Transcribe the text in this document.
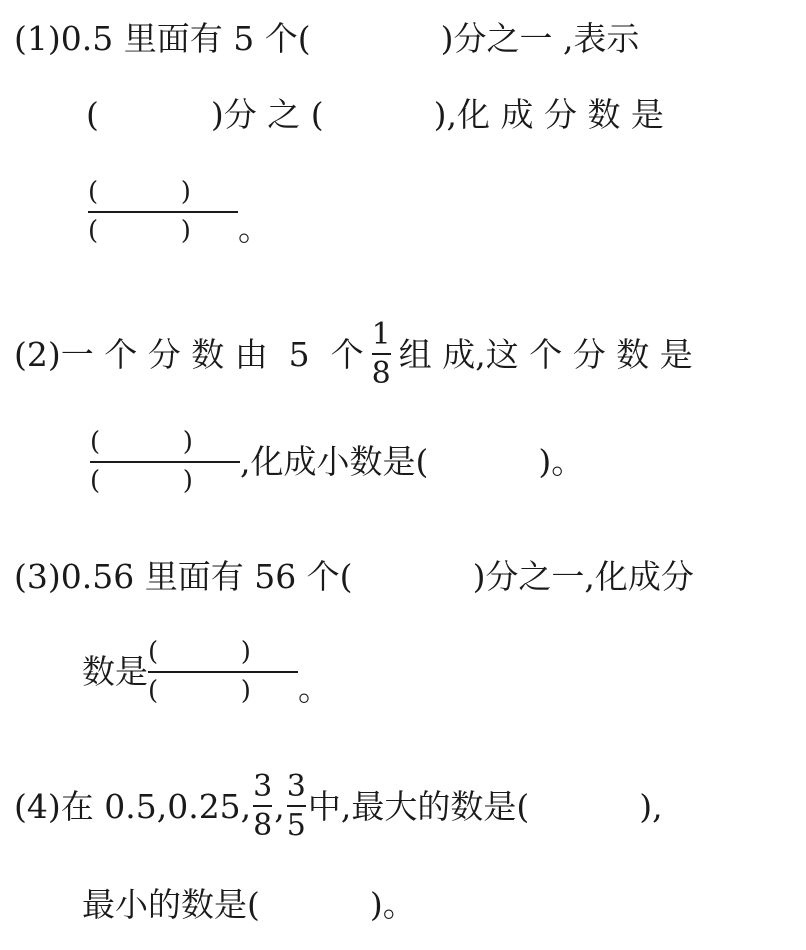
(1)0.5 里面有 5 个(	)分之一 ,表示
(	)分 之 (	),化 成 分 数 是
(          )
(          )	。
(2)一 个 分 数 由  5  个 $\frac{1}{8}$ 组 成,这 个 分 数 是
(          )
(          )	,化成小数是(	)。
(3)0.56 里面有 56 个(	)分之一,化成分
数是
(          )
(          )	。
(4)在 0.5,0.25, $\frac{3}{8}$ , $\frac{3}{5}$ 中,最大的数是(	),
最小的数是(	)。
